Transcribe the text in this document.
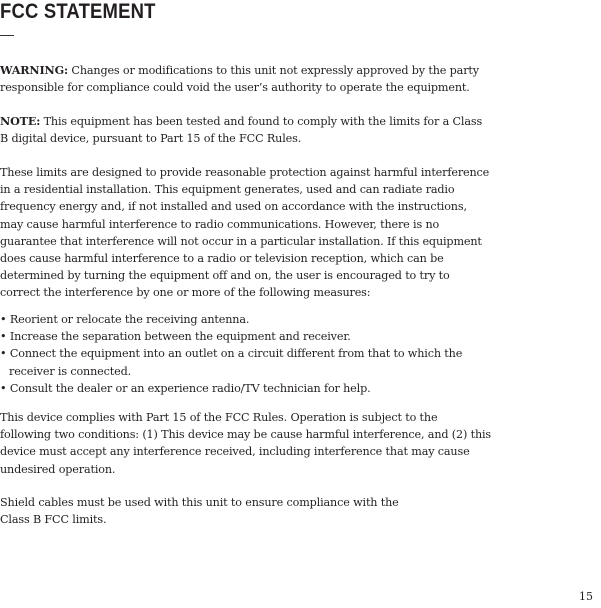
FCC STATEMENT
—
WARNING: Changes or modifications to this unit not expressly approved by the party
responsible for compliance could void the user’s authority to operate the equipment.
NOTE: This equipment has been tested and found to comply with the limits for a Class
B digital device, pursuant to Part 15 of the FCC Rules.
These limits are designed to provide reasonable protection against harmful interference
in a residential installation. This equipment generates, used and can radiate radio
frequency energy and, if not installed and used on accordance with the instructions,
may cause harmful interference to radio communications. However, there is no
guarantee that interference will not occur in a particular installation. If this equipment
does cause harmful interference to a radio or television reception, which can be
determined by turning the equipment off and on, the user is encouraged to try to
correct the interference by one or more of the following measures:
• Reorient or relocate the receiving antenna.
• Increase the separation between the equipment and receiver.
• Connect the equipment into an outlet on a circuit different from that to which the
receiver is connected.
• Consult the dealer or an experience radio/TV technician for help.
This device complies with Part 15 of the FCC Rules. Operation is subject to the
following two conditions: (1) This device may be cause harmful interference, and (2) this
device must accept any interference received, including interference that may cause
undesired operation.
Shield cables must be used with this unit to ensure compliance with the
Class B FCC limits.
15
